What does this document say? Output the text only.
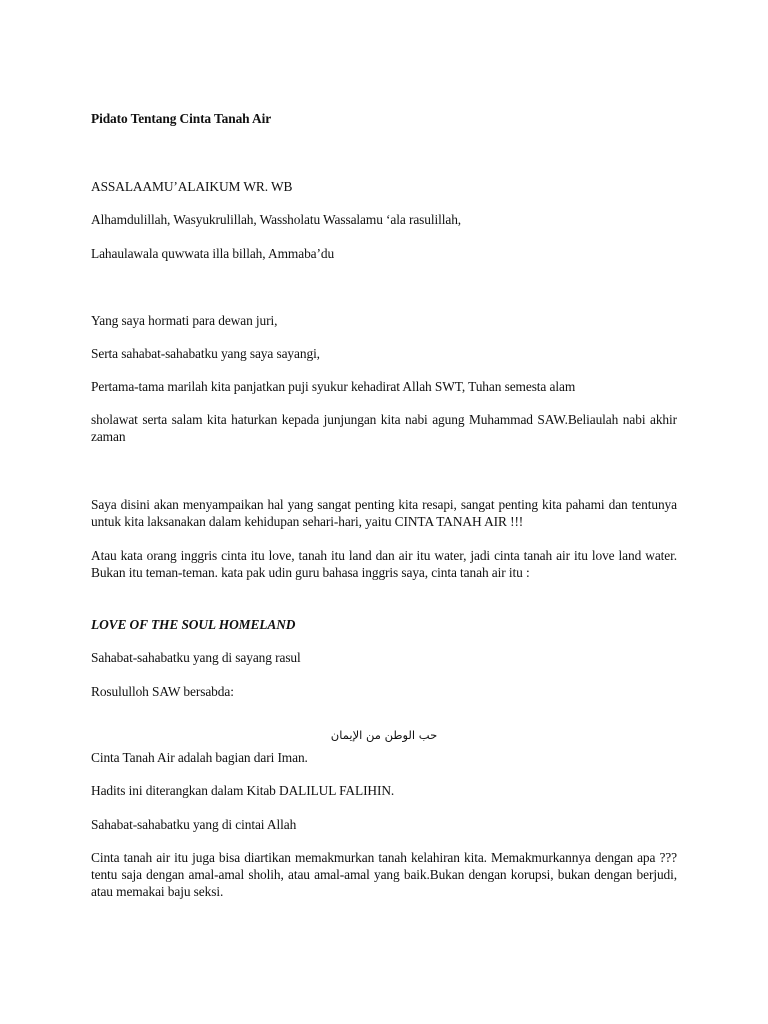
Pidato Tentang Cinta Tanah Air

ASSALAAMU’ALAIKUM WR. WB

Alhamdulillah, Wasyukrulillah, Wassholatu Wassalamu ‘ala rasulillah,

Lahaulawala quwwata illa billah, Ammaba’du

Yang saya hormati para dewan juri,

Serta sahabat-sahabatku yang saya sayangi,

Pertama-tama marilah kita panjatkan puji syukur kehadirat Allah SWT, Tuhan semesta alam

sholawat serta salam kita haturkan kepada junjungan kita nabi agung Muhammad SAW.Beliaulah nabi akhir zaman

Saya disini akan menyampaikan hal yang sangat penting kita resapi, sangat penting kita pahami dan tentunya untuk kita laksanakan dalam kehidupan sehari-hari, yaitu CINTA TANAH AIR !!!

Atau kata orang inggris cinta itu love, tanah itu land dan air itu water, jadi cinta tanah air itu love land water. Bukan itu teman-teman. kata pak udin guru bahasa inggris saya, cinta tanah air itu :

LOVE OF THE SOUL HOMELAND

Sahabat-sahabatku yang di sayang rasul

Rosululloh SAW bersabda:

حب الوطن من الإيمان

Cinta Tanah Air adalah bagian dari Iman.

Hadits ini diterangkan dalam Kitab DALILUL FALIHIN.

Sahabat-sahabatku yang di cintai Allah

Cinta tanah air itu juga bisa diartikan memakmurkan tanah kelahiran kita. Memakmurkannya dengan apa ??? tentu saja dengan amal-amal sholih, atau amal-amal yang baik.Bukan dengan korupsi, bukan dengan berjudi, atau memakai baju seksi.
